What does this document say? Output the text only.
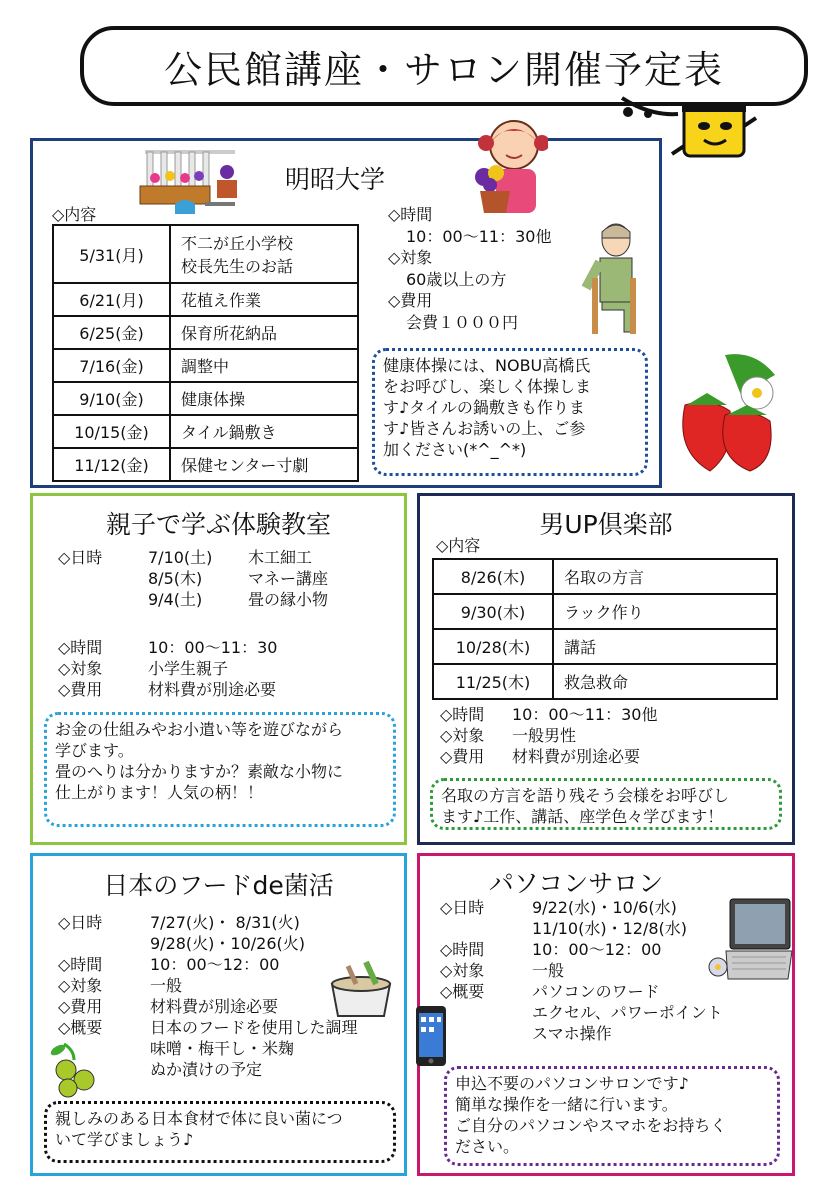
公民館講座・サロン開催予定表
明昭大学
◇内容
5/31(月)	不二が丘小学校
校長先生のお話
6/21(月)	花植え作業
6/25(金)	保育所花納品
7/16(金)	調整中
9/10(金)	健康体操
10/15(金)	タイル鍋敷き
11/12(金)	保健センター寸劇
◇時間
10：00～11：30他
◇対象
60歳以上の方
◇費用
会費１０００円
健康体操には、NOBU高橋氏
をお呼びし、楽しく体操しま
す♪タイルの鍋敷きも作りま
す♪皆さんお誘いの上、ご参
加ください(*^_^*)
親子で学ぶ体験教室
◇日時	7/10(土)	木工細工
8/5(木)	マネー講座
9/4(土)	畳の縁小物
◇時間	10：00～11：30
◇対象	小学生親子
◇費用	材料費が別途必要
お金の仕組みやお小遣い等を遊びながら
学びます。
畳のへりは分かりますか？素敵な小物に
仕上がります！人気の柄！！
男UP倶楽部
◇内容
8/26(木)	名取の方言
9/30(木)	ラック作り
10/28(木)	講話
11/25(木)	救急救命
◇時間	10：00～11：30他
◇対象	一般男性
◇費用	材料費が別途必要
名取の方言を語り残そう会様をお呼びし
ます♪工作、講話、座学色々学びます！
日本のフードde菌活
◇日時	7/27(火)・ 8/31(火)
9/28(火)・10/26(火)
◇時間	10：00～12：00
◇対象	一般
◇費用	材料費が別途必要
◇概要	日本のフードを使用した調理
味噌・梅干し・米麹
ぬか漬けの予定
親しみのある日本食材で体に良い菌につ
いて学びましょう♪
パソコンサロン
◇日時	9/22(水)・10/6(水)
11/10(水)・12/8(水)
◇時間	10：00～12：00
◇対象	一般
◇概要	パソコンのワード
エクセル、パワーポイント
スマホ操作
申込不要のパソコンサロンです♪
簡単な操作を一緒に行います。
ご自分のパソコンやスマホをお持ちく
ださい。
